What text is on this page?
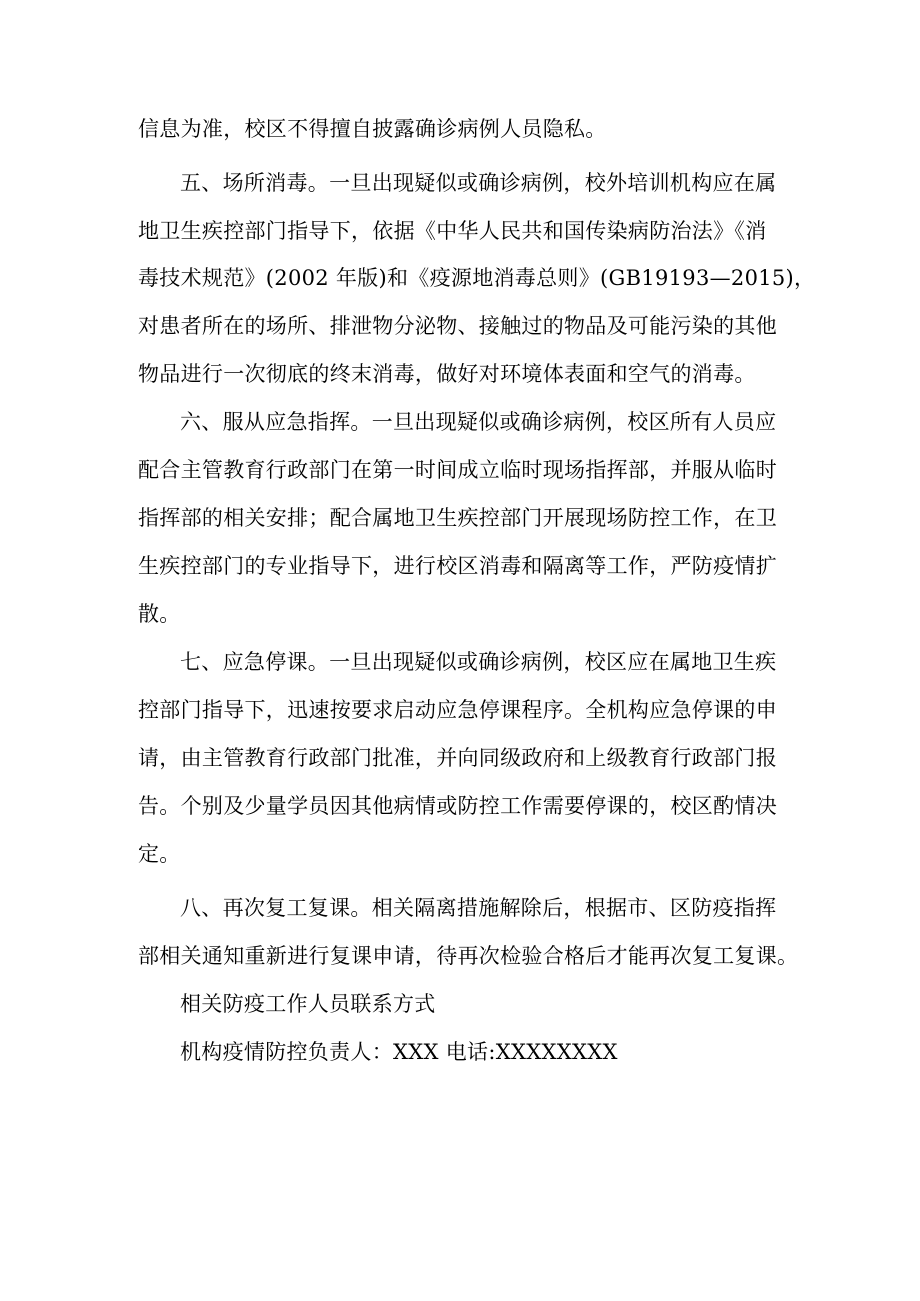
信息为准，校区不得擅自披露确诊病例人员隐私。
五、场所消毒。一旦出现疑似或确诊病例，校外培训机构应在属
地卫生疾控部门指导下，依据《中华人民共和国传染病防治法》《消
毒技术规范》(2002 年版)和《疫源地消毒总则》(GB19193—2015)，
对患者所在的场所、排泄物分泌物、接触过的物品及可能污染的其他
物品进行一次彻底的终末消毒，做好对环境体表面和空气的消毒。
六、服从应急指挥。一旦出现疑似或确诊病例，校区所有人员应
配合主管教育行政部门在第一时间成立临时现场指挥部，并服从临时
指挥部的相关安排；配合属地卫生疾控部门开展现场防控工作，在卫
生疾控部门的专业指导下，进行校区消毒和隔离等工作，严防疫情扩
散。
七、应急停课。一旦出现疑似或确诊病例，校区应在属地卫生疾
控部门指导下，迅速按要求启动应急停课程序。全机构应急停课的申
请，由主管教育行政部门批准，并向同级政府和上级教育行政部门报
告。个别及少量学员因其他病情或防控工作需要停课的，校区酌情决
定。
八、再次复工复课。相关隔离措施解除后，根据市、区防疫指挥
部相关通知重新进行复课申请，待再次检验合格后才能再次复工复课。
相关防疫工作人员联系方式
机构疫情防控负责人：XXX 电话:XXXXXXXX
